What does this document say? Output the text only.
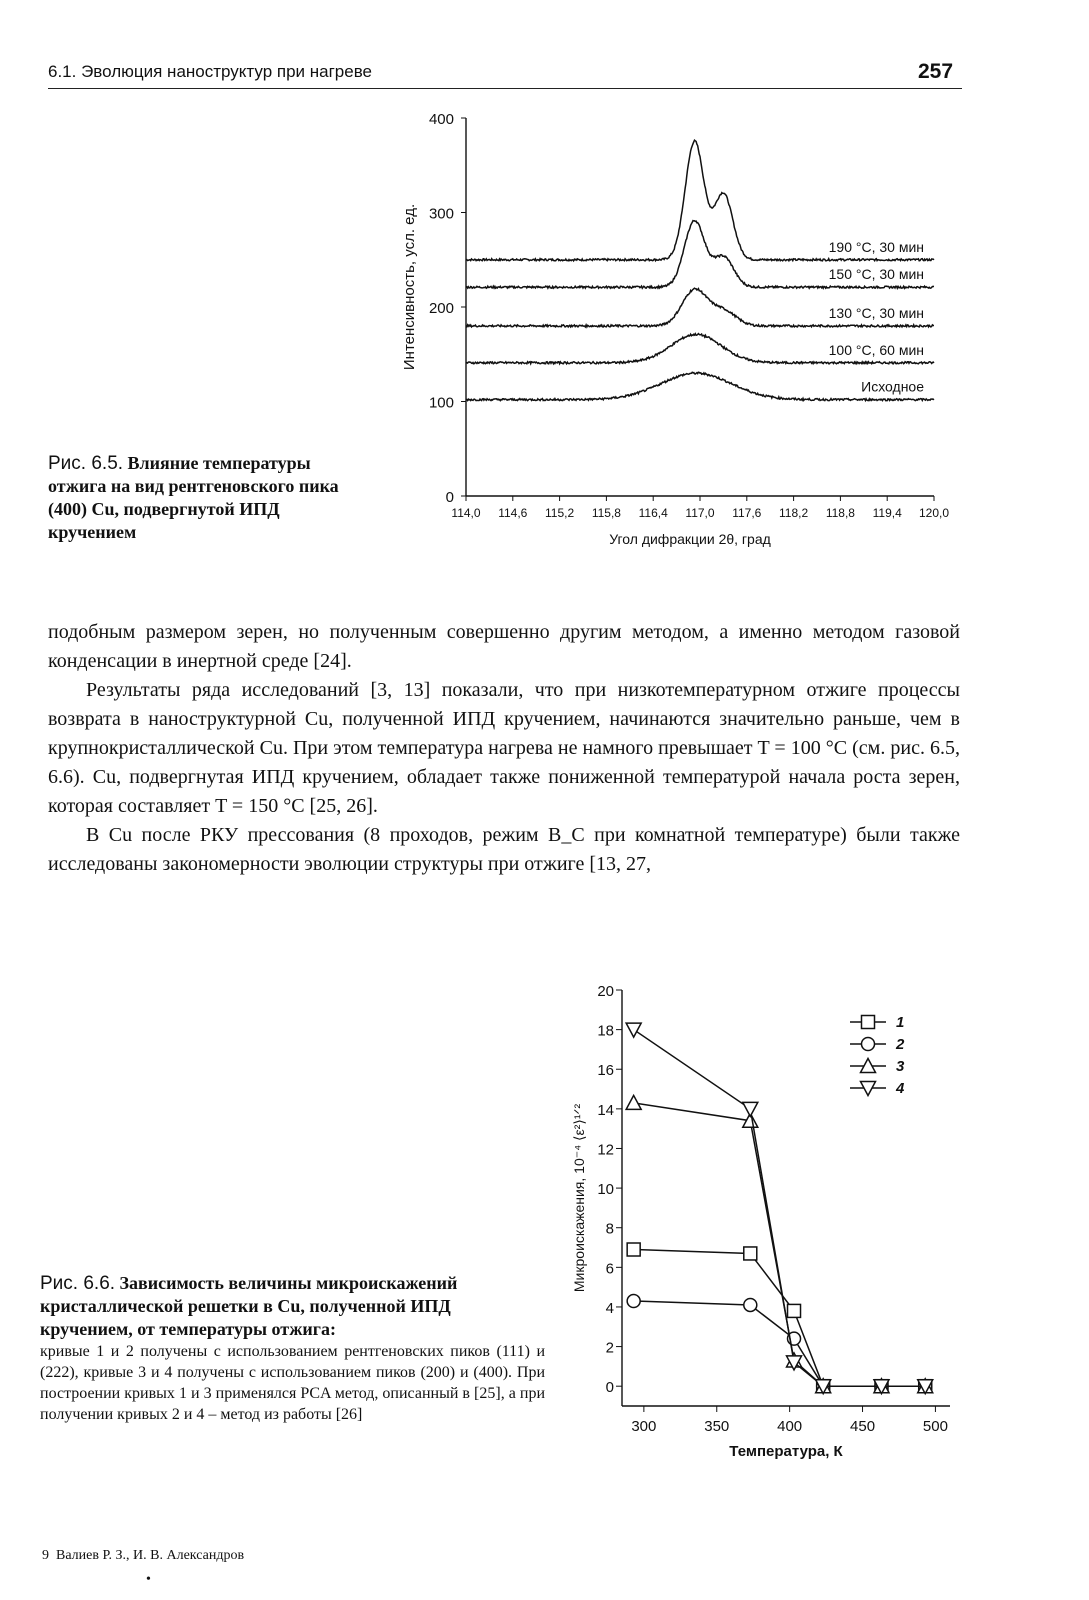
6.1. Эволюция наноструктур при нагреве	257
0
100
200
300
400
114,0 114,6 115,2 115,8 116,4 117,0 117,6 118,2 118,8 119,4 120,0
Угол дифракции 2θ, град
Интенсивность, усл. ед.	190 °С, 30 мин
150 °С, 30 мин
130 °С, 30 мин
100 °С, 60 мин
Исходное
Рис. 6.5. Влияние температуры отжига на вид рентгеновского пика (400) Cu, подвергнутой ИПД кручением

подобным размером зерен, но полученным совершенно другим методом, а именно методом газовой конденсации в инертной среде [24].

Результаты ряда исследований [3, 13] показали, что при низкотемпературном отжиге процессы возврата в наноструктурной Cu, полученной ИПД кручением, начинаются значительно раньше, чем в крупнокристаллической Cu. При этом температура нагрева не намного превышает T = 100 °С (см. рис. 6.5, 6.6). Cu, подвергнутая ИПД кручением, обладает также пониженной температурой начала роста зерен, которая составляет T = 150 °С [25, 26].

В Cu после РКУ прессования (8 проходов, режим B_C при комнатной температуре) были также исследованы закономерности эволюции структуры при отжиге [13, 27,

0
2
4
6
8
10
12
14
16
18
20
300	350	400	450	500
Температура, К
Микроискажения, 10⁻⁴ ⟨ε²⟩¹ᐟ²
1
2
3
4
Рис. 6.6. Зависимость величины микроискажений кристаллической решетки в Cu, полученной ИПД кручением, от температуры отжига:
кривые 1 и 2 получены с использованием рентгеновских пиков (111) и (222), кривые 3 и 4 получены с использованием пиков (200) и (400). При построении кривых 1 и 3 применялся PCA метод, описанный в [25], а при получении кривых 2 и 4 – метод из работы [26]
9 Валиев Р. З., И. В. Александров
•
